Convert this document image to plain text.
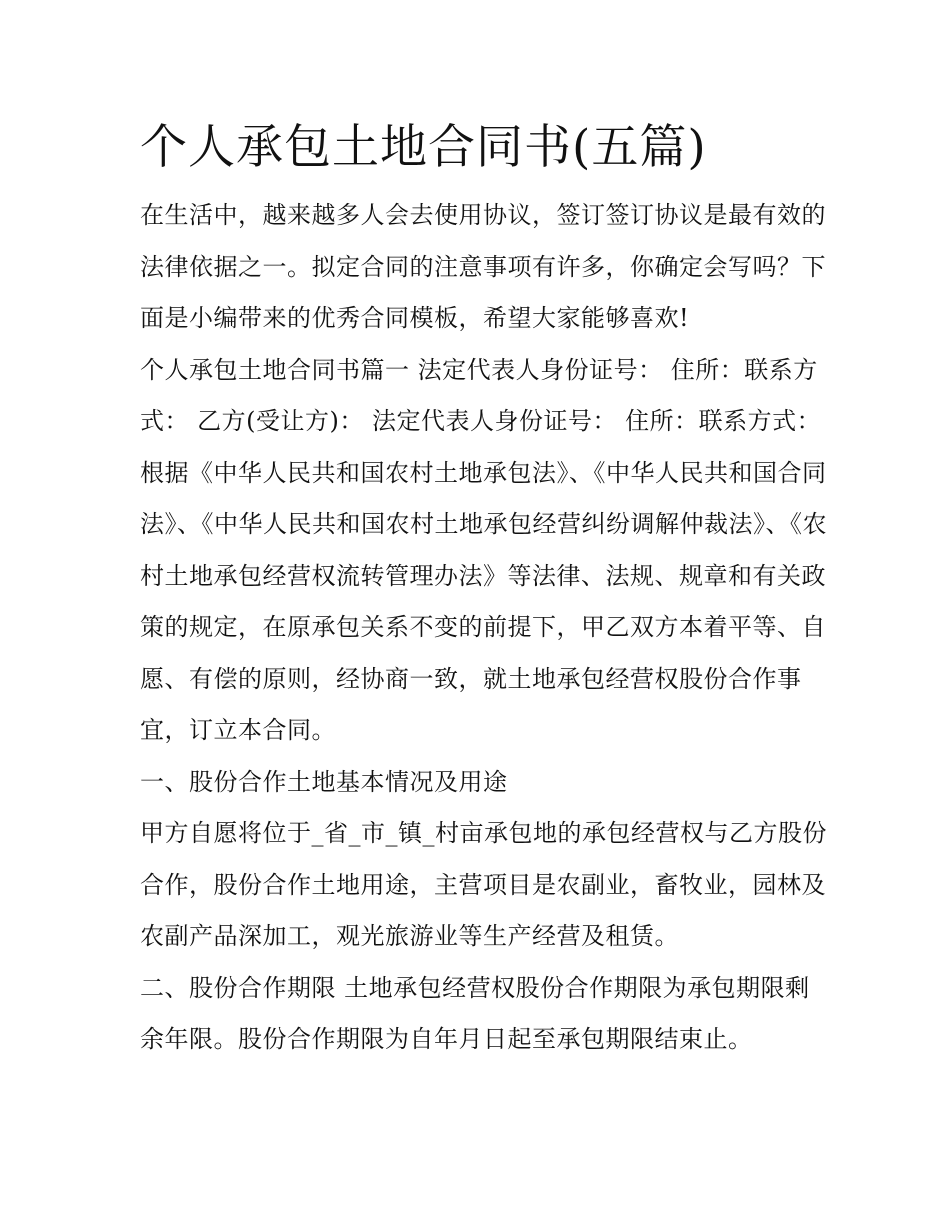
个人承包土地合同书(五篇)

在生活中，越来越多人会去使用协议，签订签订协议是最有效的法律依据之一。拟定合同的注意事项有许多，你确定会写吗？下面是小编带来的优秀合同模板，希望大家能够喜欢!

个人承包土地合同书篇一 法定代表人身份证号： 住所：联系方式： 乙方(受让方)： 法定代表人身份证号： 住所：联系方式：

根据《中华人民共和国农村土地承包法》、《中华人民共和国合同法》、《中华人民共和国农村土地承包经营纠纷调解仲裁法》、《农村土地承包经营权流转管理办法》等法律、法规、规章和有关政策的规定，在原承包关系不变的前提下，甲乙双方本着平等、自愿、有偿的原则，经协商一致，就土地承包经营权股份合作事宜，订立本合同。

一、股份合作土地基本情况及用途

甲方自愿将位于_省_市_镇_村亩承包地的承包经营权与乙方股份合作，股份合作土地用途，主营项目是农副业，畜牧业，园林及农副产品深加工，观光旅游业等生产经营及租赁。

二、股份合作期限 土地承包经营权股份合作期限为承包期限剩余年限。股份合作期限为自年月日起至承包期限结束止。
